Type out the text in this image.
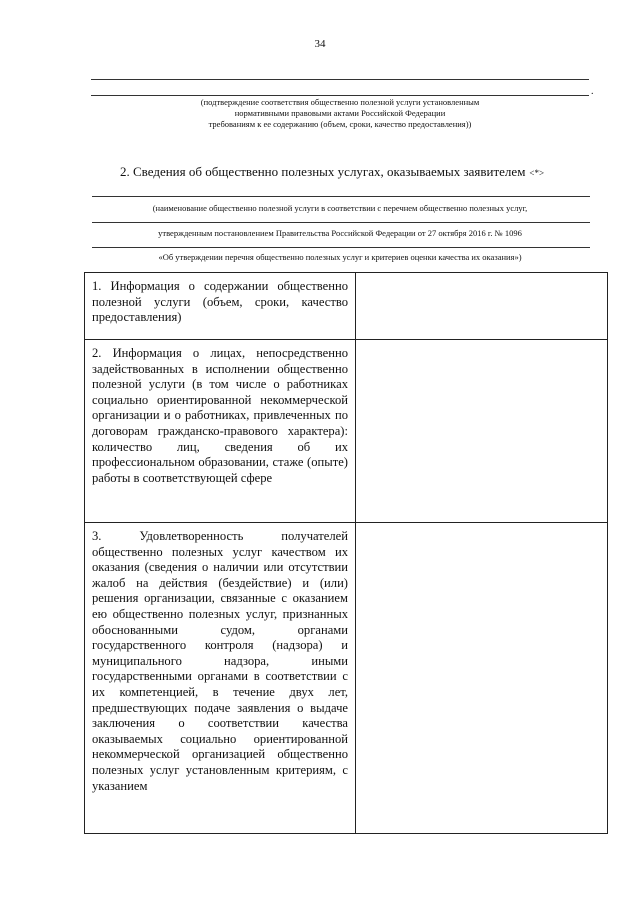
34
.
(подтверждение соответствия общественно полезной услуги установленным
нормативными правовыми актами Российской Федерации
требованиям к ее содержанию (объем, сроки, качество предоставления))
2. Сведения об общественно полезных услугах, оказываемых заявителем <*>
(наименование общественно полезной услуги в соответствии с перечнем общественно полезных услуг,
утвержденным постановлением Правительства Российской Федерации от 27 октября 2016 г. № 1096
«Об утверждении перечня общественно полезных услуг и критериев оценки качества их оказания»)
1. Информация о содержании общественно полезной услуги (объем, сроки, качество предоставления)	
2. Информация о лицах, непосредственно задействованных в исполнении общественно полезной услуги (в том числе о работниках социально ориентированной некоммерческой организации и о работниках, привлеченных по договорам гражданско-правового характера): количество лиц, сведения об их профессиональном образовании, стаже (опыте) работы в соответствующей сфере	
3. Удовлетворенность получателей общественно полезных услуг качеством их оказания (сведения о наличии или отсутствии жалоб на действия (бездействие) и (или) решения организации, связанные с оказанием ею общественно полезных услуг, признанных обоснованными судом, органами государственного контроля (надзора) и муниципального надзора, иными государственными органами в соответствии с их компетенцией, в течение двух лет, предшествующих подаче заявления о выдаче заключения о соответствии качества оказываемых социально ориентированной некоммерческой организацией общественно полезных услуг установленным критериям, с указанием	
